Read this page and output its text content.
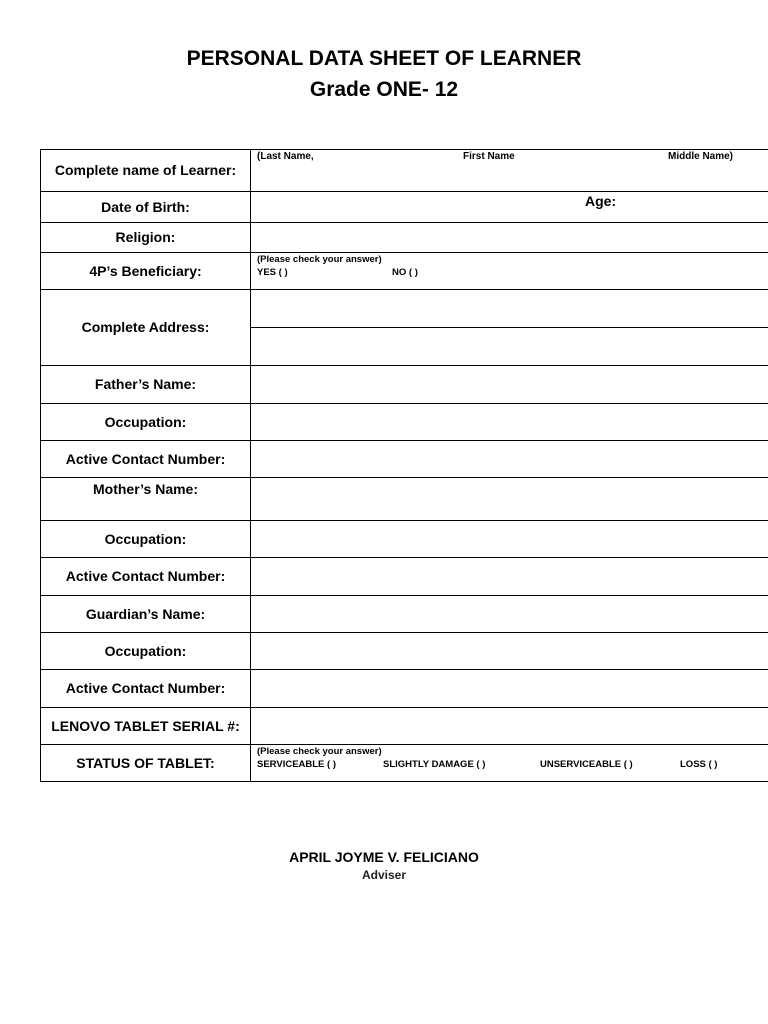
PERSONAL DATA SHEET OF LEARNER
Grade ONE- 12
Complete name of Learner:	(Last Name, First Name Middle Name)

Date of Birth:	Age:

Religion:	
4P’s Beneficiary:	(Please check your answer)
YES ( ) NO ( )

Complete Address:	

Father’s Name:	
Occupation:	
Active Contact Number:	
Mother’s Name:	
Occupation:	
Active Contact Number:	
Guardian’s Name:	
Occupation:	
Active Contact Number:	
LENOVO TABLET SERIAL #:	
STATUS OF TABLET:	(Please check your answer)
SERVICEABLE ( ) SLIGHTLY DAMAGE ( ) UNSERVICEABLE ( ) LOSS ( )
APRIL JOYME V. FELICIANO
Adviser
